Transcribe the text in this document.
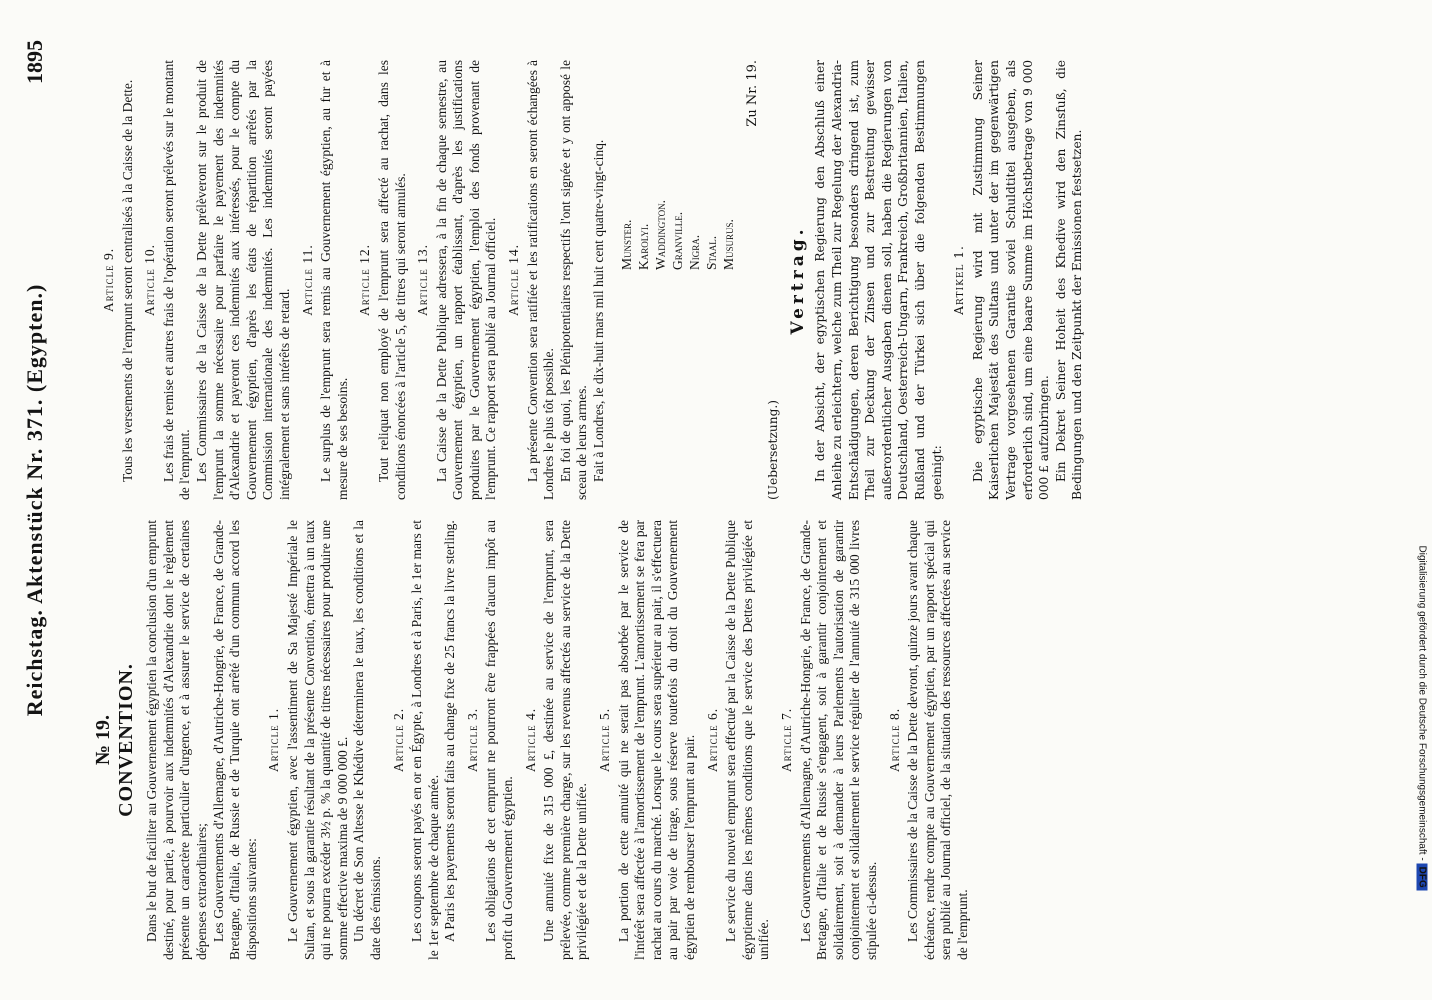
Reichstag. Aktenstück Nr. 371. (Egypten.)
1895
№ 19. CONVENTION. Dans le but de faciliter au Gouvernement égyptien la conclusion d'un emprunt destiné, pour partie, à pourvoir aux indemnités d'Alexandrie dont le règlement présente un caractère particulier d'urgence, et à assurer le service de certaines dépenses extraordinaires; Les Gouvernements d'Allemagne, d'Autriche-Hongrie, de France, de Grande-Bretagne, d'Italie, de Russie et de Turquie ont arrêté d'un commun accord les dispositions suivantes:

Article 1. Le Gouvernement égyptien, avec l'assentiment de Sa Majesté Impériale le Sultan, et sous la garantie résultant de la présente Convention, émettra à un taux qui ne pourra excéder 3½ p. % la quantité de titres nécessaires pour produire une somme effective maxima de 9 000 000 £. Un décret de Son Altesse le Khédive déterminera le taux, les conditions et la date des émissions.

Article 2. Les coupons seront payés en or en Égypte, à Londres et à Paris, le 1er mars et le 1er septembre de chaque année. A Paris les payements seront faits au change fixe de 25 francs la livre sterling. Article 3. Les obligations de cet emprunt ne pourront être frappées d'aucun impôt au profit du Gouvernement égyptien.

Article 4. Une annuité fixe de 315 000 £, destinée au service de l'emprunt, sera prélevée, comme première charge, sur les revenus affectés au service de la Dette privilégiée et de la Dette unifiée.

Article 5. La portion de cette annuité qui ne serait pas absorbée par le service de l'intérêt sera affectée à l'amortissement de l'emprunt. L'amortissement se fera par rachat au cours du marché. Lorsque le cours sera supérieur au pair, il s'effectuera au pair par voie de tirage, sous réserve toutefois du droit du Gouvernement égyptien de rembourser l'emprunt au pair. Article 6. Le service du nouvel emprunt sera effectué par la Caisse de la Dette Publique égyptienne dans les mêmes conditions que le service des Dettes privilégiée et unifiée.

Article 7. Les Gouvernements d'Allemagne, d'Autriche-Hongrie, de France, de Grande-Bretagne, d'Italie et de Russie s'engagent, soit à garantir conjointement et solidairement, soit à demander à leurs Parlements l'autorisation de garantir conjointement et solidairement le service régulier de l'annuité de 315 000 livres stipulée ci-dessus.

Article 8. Les Commissaires de la Caisse de la Dette devront, quinze jours avant chaque échéance, rendre compte au Gouvernement égyptien, par un rapport spécial qui sera publié au Journal officiel, de la situation des ressources affectées au service de l'emprunt.

Article 9. Tous les versements de l'emprunt seront centralisés à la Caisse de la Dette. Article 10. Les frais de remise et autres frais de l'opération seront prélevés sur le montant de l'emprunt. Les Commissaires de la Caisse de la Dette prélèveront sur le produit de l'emprunt la somme nécessaire pour parfaire le payement des indemnités d'Alexandrie et payeront ces indemnités aux intéressés, pour le compte du Gouvernement égyptien, d'après les états de répartition arrêtés par la Commission internationale des indemnités. Les indemnités seront payées intégralement et sans intérêts de retard.

Article 11. Le surplus de l'emprunt sera remis au Gouvernement égyptien, au fur et à mesure de ses besoins.

Article 12. Tout reliquat non employé de l'emprunt sera affecté au rachat, dans les conditions énoncées à l'article 5, de titres qui seront annulés. Article 13. La Caisse de la Dette Publique adressera, à la fin de chaque semestre, au Gouvernement égyptien, un rapport établissant, d'après les justifications produites par le Gouvernement égyptien, l'emploi des fonds provenant de l'emprunt. Ce rapport sera publié au Journal officiel. Article 14. La présente Convention sera ratifiée et les ratifications en seront échangées à Londres le plus tôt possible. En foi de quoi, les Plénipotentiaires respectifs l'ont signée et y ont apposé le sceau de leurs armes. Fait à Londres, le dix-huit mars mil huit cent quatre-vingt-cinq. Munster. Karolyi. Waddington. Granville. Nigra. Staal. Musurus.
Zu Nr. 19.
(Uebersetzung.)
Vertrag. In der Absicht, der egyptischen Regierung den Abschluß einer Anleihe zu erleichtern, welche zum Theil zur Regelung der Alexandria-Entschädigungen, deren Berichtigung besonders dringend ist, zum Theil zur Deckung der Zinsen und zur Bestreitung gewisser außerordentlicher Ausgaben dienen soll, haben die Regierungen von Deutschland, Oesterreich-Ungarn, Frankreich, Großbritannien, Italien, Rußland und der Türkei sich über die folgenden Bestimmungen geeinigt:

Artikel 1. Die egyptische Regierung wird mit Zustimmung Seiner Kaiserlichen Majestät des Sultans und unter der im gegenwärtigen Vertrage vorgesehenen Garantie soviel Schuldtitel ausgeben, als erforderlich sind, um eine baare Summe im Höchstbetrage von 9 000 000 £ aufzubringen. Ein Dekret Seiner Hoheit des Khedive wird den Zinsfuß, die Bedingungen und den Zeitpunkt der Emissionen festsetzen.

Digitalisierung gefördert durch die Deutsche Forschungsgemeinschaft -DFG
